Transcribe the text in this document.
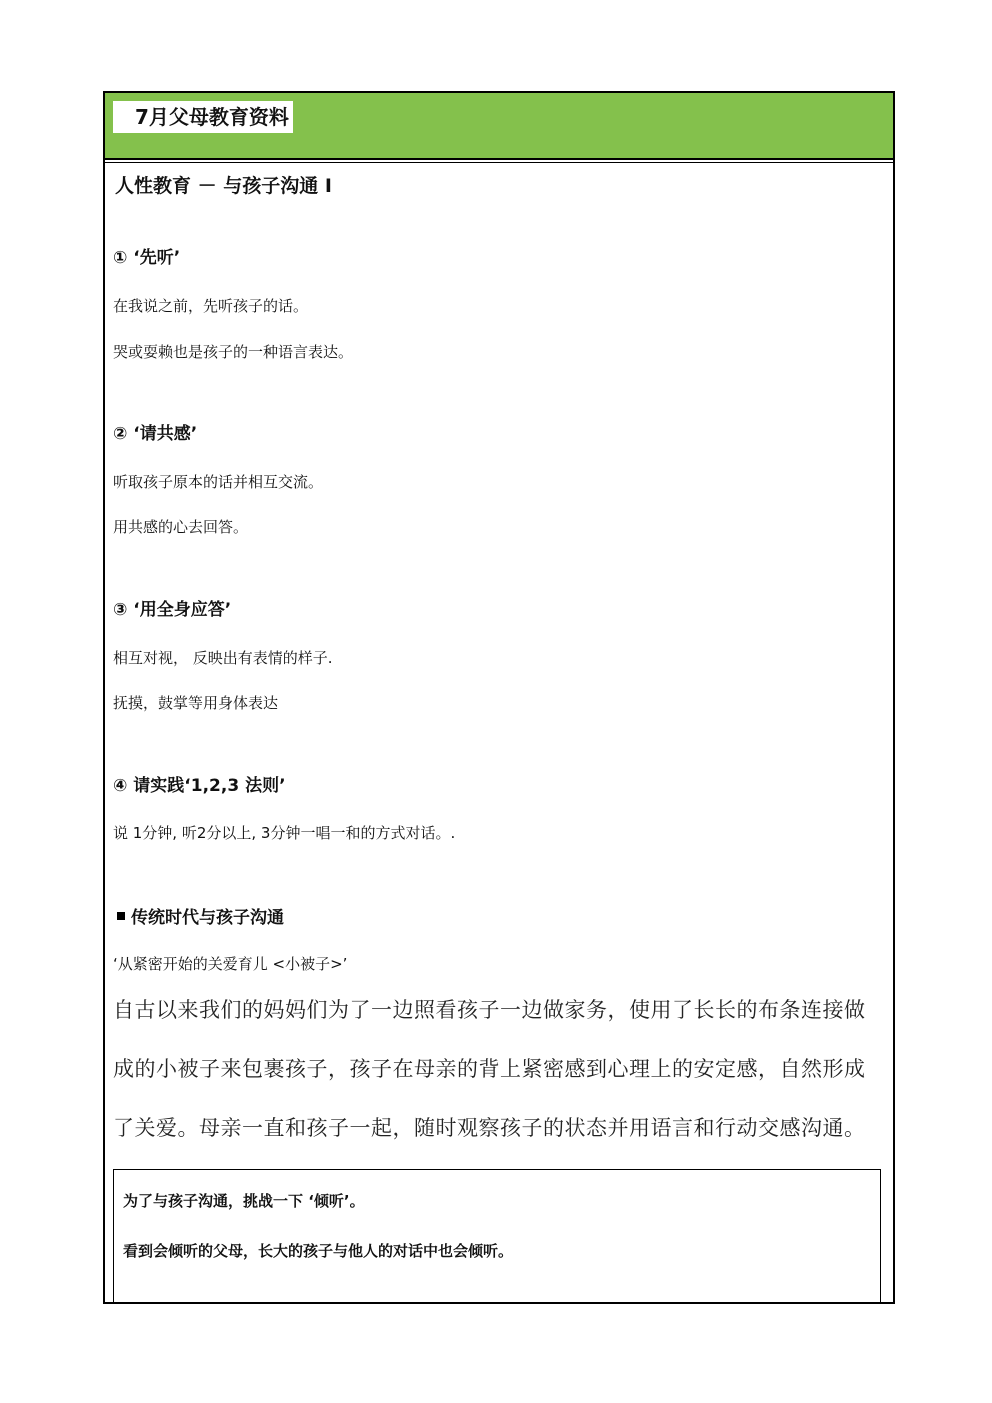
7月父母教育资料
人性教育 － 与孩子沟通 Ⅰ
① ‘先听’
在我说之前，先听孩子的话。
哭或耍赖也是孩子的一种语言表达。
② ‘请共感’
听取孩子原本的话并相互交流。
用共感的心去回答。
③ ‘用全身应答’
相互对视， 反映出有表情的样子.
抚摸，鼓掌等用身体表达
④ 请实践‘1,2,3 法则’
说 1分钟, 听2分以上, 3分钟一唱一和的方式对话。.
传统时代与孩子沟通
‘从紧密开始的关爱育儿 <小被子>’
自古以来我们的妈妈们为了一边照看孩子一边做家务，使用了长长的布条连接做成的小被子来包裹孩子，孩子在母亲的背上紧密感到心理上的安定感，自然形成了关爱。母亲一直和孩子一起，随时观察孩子的状态并用语言和行动交感沟通。
为了与孩子沟通，挑战一下 ‘倾听’。
看到会倾听的父母，长大的孩子与他人的对话中也会倾听。
